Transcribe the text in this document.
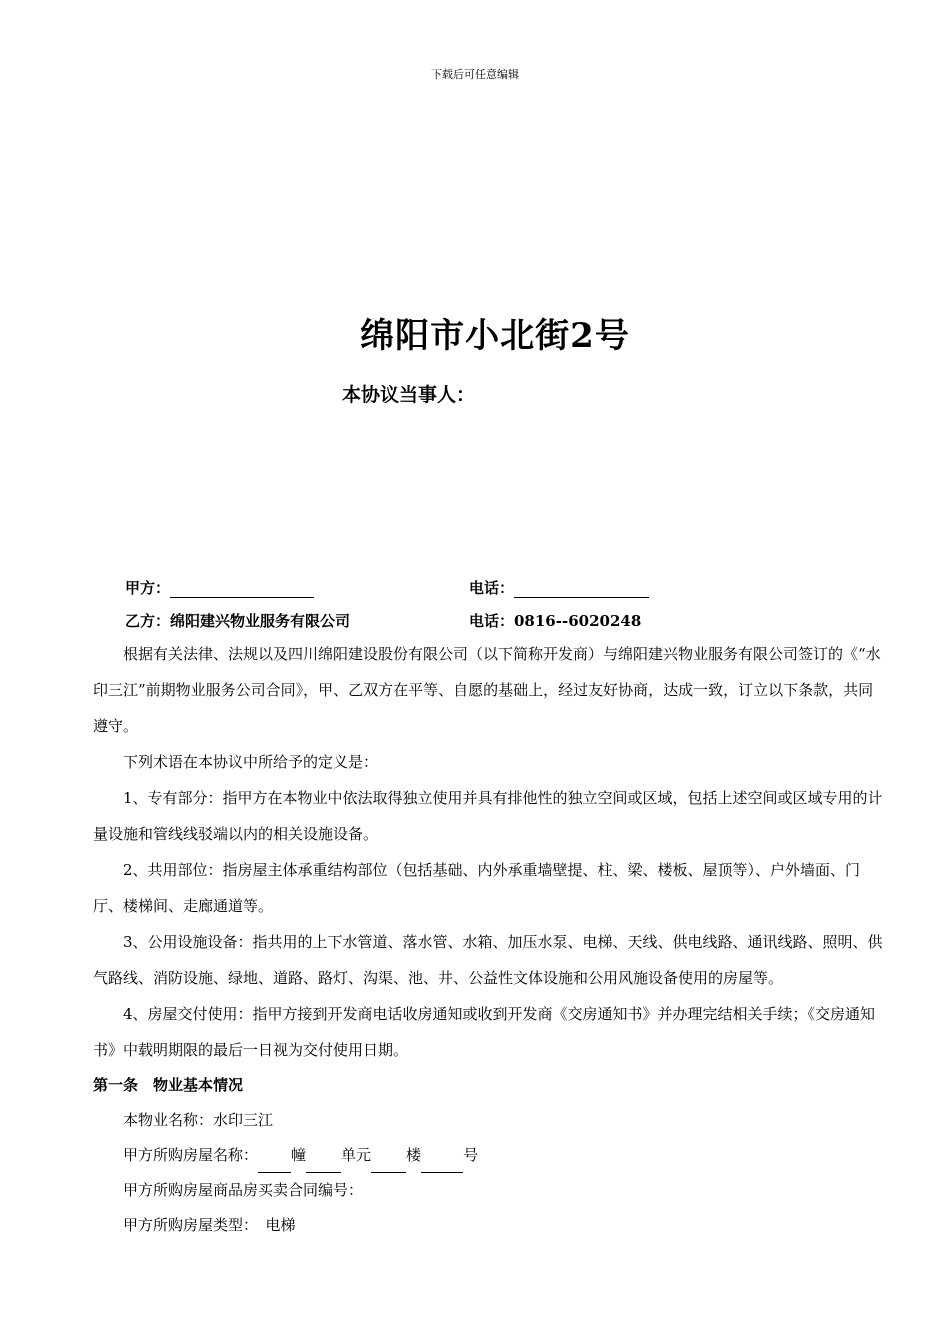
下载后可任意编辑
绵阳市小北街2号
本协议当事人：
甲方：	电话：
乙方：绵阳建兴物业服务有限公司	电话：0816--6020248

根据有关法律、法规以及四川绵阳建设股份有限公司（以下简称开发商）与绵阳建兴物业服务有限公司签订的《“水印三江”前期物业服务公司合同》，甲、乙双方在平等、自愿的基础上，经过友好协商，达成一致，订立以下条款，共同遵守。

下列术语在本协议中所给予的定义是：

1、专有部分：指甲方在本物业中依法取得独立使用并具有排他性的独立空间或区域，包括上述空间或区域专用的计量设施和管线线驳端以内的相关设施设备。

2、共用部位：指房屋主体承重结构部位（包括基础、内外承重墙壁提、柱、梁、楼板、屋顶等）、户外墙面、门厅、楼梯间、走廊通道等。

3、公用设施设备：指共用的上下水管道、落水管、水箱、加压水泵、电梯、天线、供电线路、通讯线路、照明、供气路线、消防设施、绿地、道路、路灯、沟渠、池、井、公益性文体设施和公用风施设备使用的房屋等。

4、房屋交付使用：指甲方接到开发商电话收房通知或收到开发商《交房通知书》并办理完结相关手续；《交房通知书》中载明期限的最后一日视为交付使用日期。

第一条　物业基本情况

本物业名称：水印三江

甲方所购房屋名称： 幢 单元 楼	号

甲方所购房屋商品房买卖合同编号：

甲方所购房屋类型：　电梯
